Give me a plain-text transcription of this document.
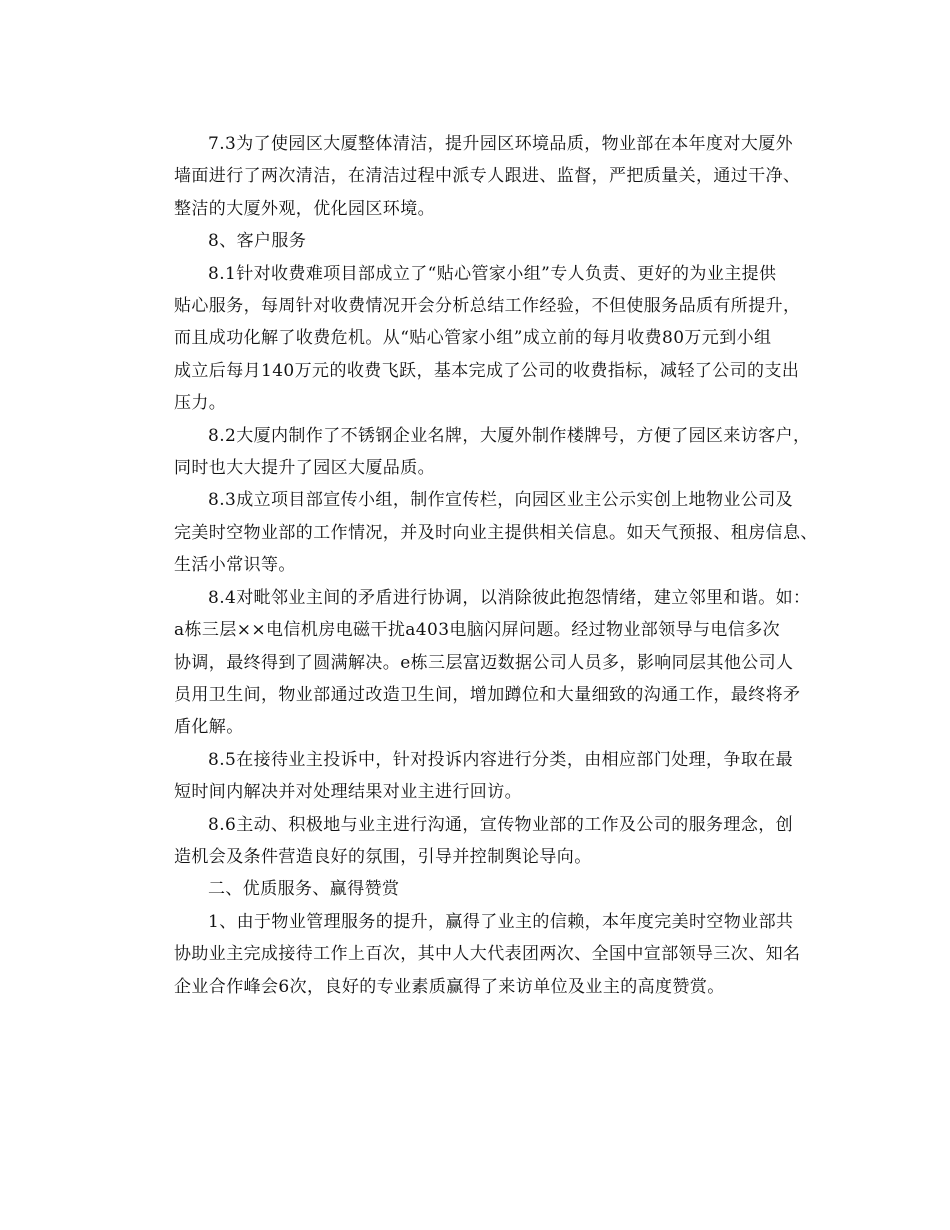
7.3为了使园区大厦整体清洁，提升园区环境品质，物业部在本年度对大厦外
墙面进行了两次清洁，在清洁过程中派专人跟进、监督，严把质量关，通过干净、
整洁的大厦外观，优化园区环境。
8、客户服务
8.1针对收费难项目部成立了“贴心管家小组”专人负责、更好的为业主提供
贴心服务，每周针对收费情况开会分析总结工作经验，不但使服务品质有所提升，
而且成功化解了收费危机。从“贴心管家小组”成立前的每月收费80万元到小组
成立后每月140万元的收费飞跃，基本完成了公司的收费指标，减轻了公司的支出
压力。
8.2大厦内制作了不锈钢企业名牌，大厦外制作楼牌号，方便了园区来访客户，
同时也大大提升了园区大厦品质。
8.3成立项目部宣传小组，制作宣传栏，向园区业主公示实创上地物业公司及
完美时空物业部的工作情况，并及时向业主提供相关信息。如天气预报、租房信息、
生活小常识等。
8.4对毗邻业主间的矛盾进行协调，以消除彼此抱怨情绪，建立邻里和谐。如：
a栋三层××电信机房电磁干扰a403电脑闪屏问题。经过物业部领导与电信多次
协调，最终得到了圆满解决。e栋三层富迈数据公司人员多，影响同层其他公司人
员用卫生间，物业部通过改造卫生间，增加蹲位和大量细致的沟通工作，最终将矛
盾化解。
8.5在接待业主投诉中，针对投诉内容进行分类，由相应部门处理，争取在最
短时间内解决并对处理结果对业主进行回访。
8.6主动、积极地与业主进行沟通，宣传物业部的工作及公司的服务理念，创
造机会及条件营造良好的氛围，引导并控制舆论导向。
二、优质服务、赢得赞赏
1、由于物业管理服务的提升，赢得了业主的信赖，本年度完美时空物业部共
协助业主完成接待工作上百次，其中人大代表团两次、全国中宣部领导三次、知名
企业合作峰会6次，良好的专业素质赢得了来访单位及业主的高度赞赏。
